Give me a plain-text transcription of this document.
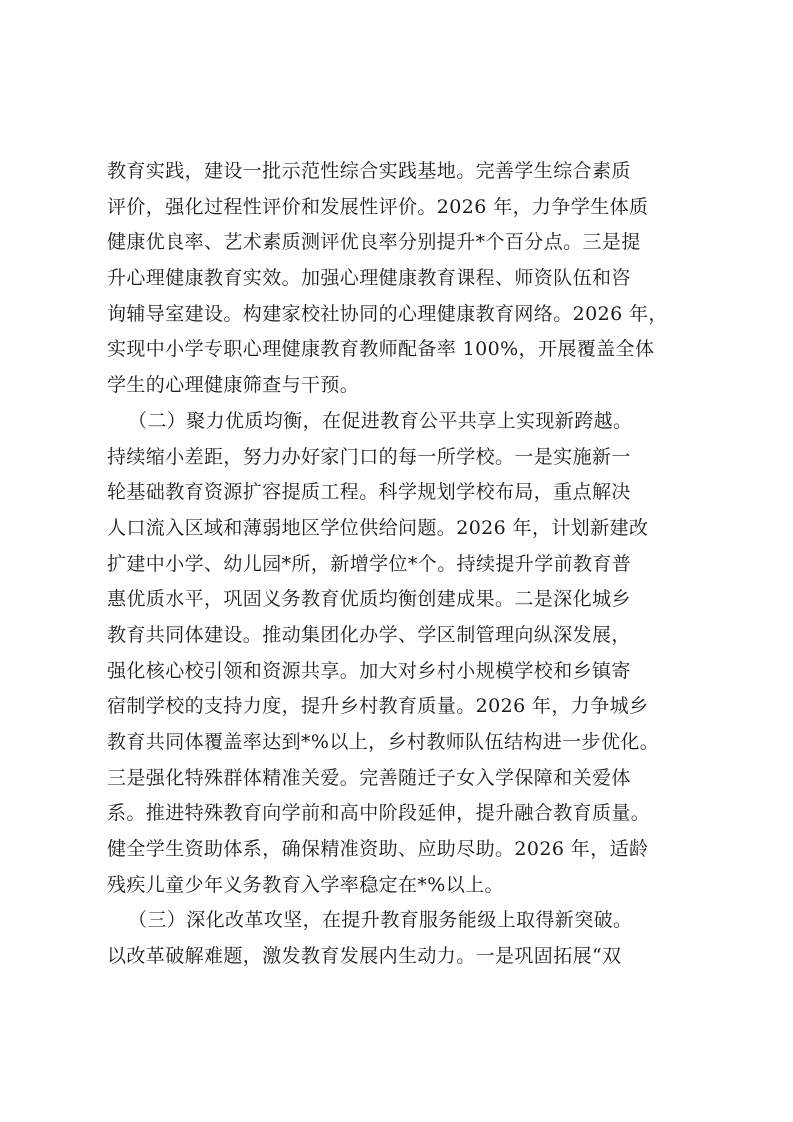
教育实践，建设一批示范性综合实践基地。完善学生综合素质
评价，强化过程性评价和发展性评价。2026 年，力争学生体质
健康优良率、艺术素质测评优良率分别提升*个百分点。三是提
升心理健康教育实效。加强心理健康教育课程、师资队伍和咨
询辅导室建设。构建家校社协同的心理健康教育网络。2026 年，
实现中小学专职心理健康教育教师配备率 100%，开展覆盖全体
学生的心理健康筛查与干预。
（二）聚力优质均衡，在促进教育公平共享上实现新跨越。
持续缩小差距，努力办好家门口的每一所学校。一是实施新一
轮基础教育资源扩容提质工程。科学规划学校布局，重点解决
人口流入区域和薄弱地区学位供给问题。2026 年，计划新建改
扩建中小学、幼儿园*所，新增学位*个。持续提升学前教育普
惠优质水平，巩固义务教育优质均衡创建成果。二是深化城乡
教育共同体建设。推动集团化办学、学区制管理向纵深发展，
强化核心校引领和资源共享。加大对乡村小规模学校和乡镇寄
宿制学校的支持力度，提升乡村教育质量。2026 年，力争城乡
教育共同体覆盖率达到*%以上，乡村教师队伍结构进一步优化。
三是强化特殊群体精准关爱。完善随迁子女入学保障和关爱体
系。推进特殊教育向学前和高中阶段延伸，提升融合教育质量。
健全学生资助体系，确保精准资助、应助尽助。2026 年，适龄
残疾儿童少年义务教育入学率稳定在*%以上。
（三）深化改革攻坚，在提升教育服务能级上取得新突破。
以改革破解难题，激发教育发展内生动力。一是巩固拓展“双
